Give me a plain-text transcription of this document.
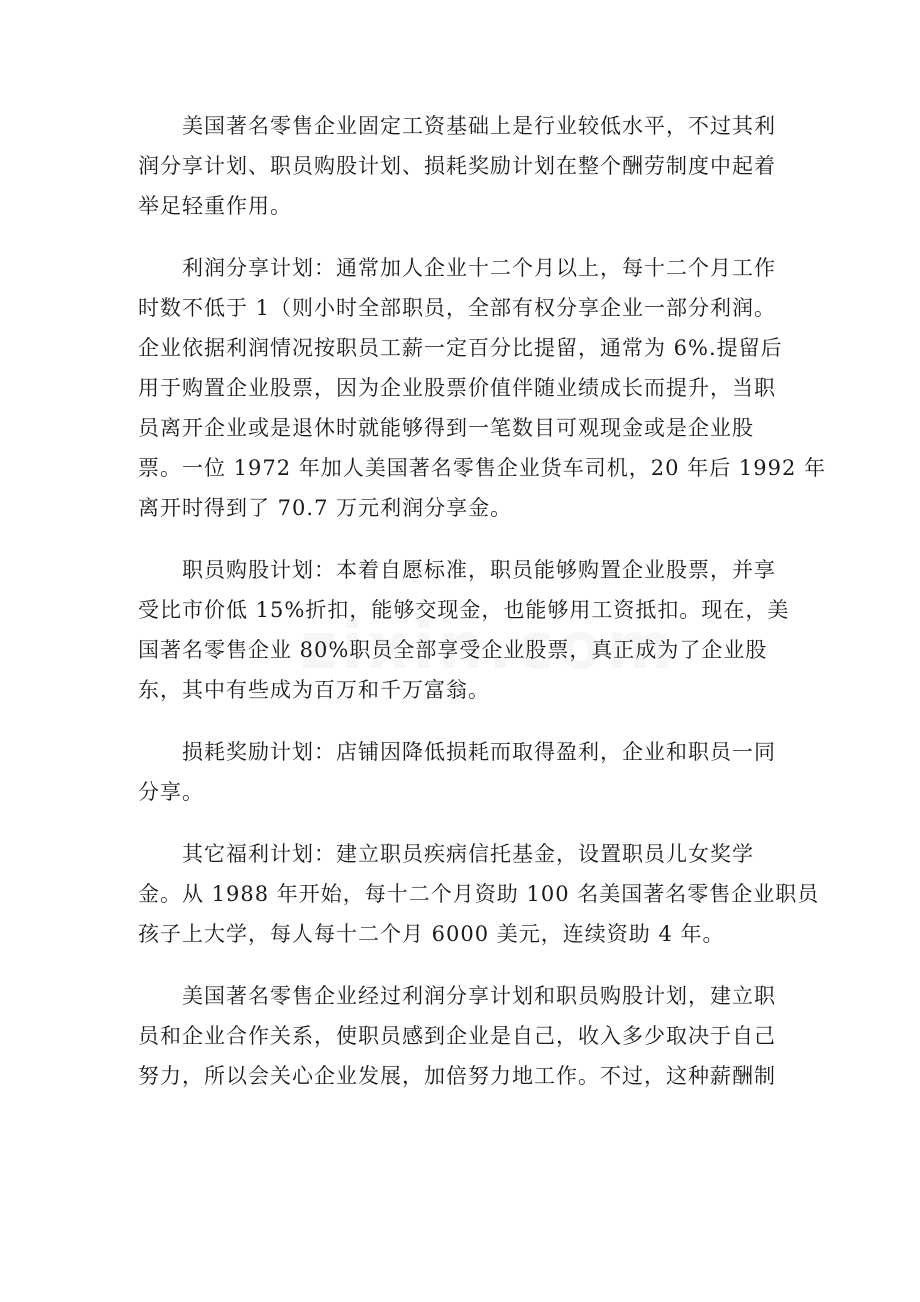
美国著名零售企业固定工资基础上是行业较低水平，不过其利
润分享计划、职员购股计划、损耗奖励计划在整个酬劳制度中起着
举足轻重作用。

利润分享计划：通常加人企业十二个月以上，每十二个月工作
时数不低于 1（则小时全部职员，全部有权分享企业一部分利润。
企业依据利润情况按职员工薪一定百分比提留，通常为 6%.提留后
用于购置企业股票，因为企业股票价值伴随业绩成长而提升，当职
员离开企业或是退休时就能够得到一笔数目可观现金或是企业股
票。一位 1972 年加人美国著名零售企业货车司机，20 年后 1992 年
离开时得到了 70.7 万元利润分享金。

职员购股计划：本着自愿标准，职员能够购置企业股票，并享
受比市价低 15%折扣，能够交现金，也能够用工资抵扣。现在，美
国著名零售企业 80%职员全部享受企业股票，真正成为了企业股
东，其中有些成为百万和千万富翁。

损耗奖励计划：店铺因降低损耗而取得盈利，企业和职员一同
分享。

其它福利计划：建立职员疾病信托基金，设置职员儿女奖学
金。从 1988 年开始，每十二个月资助 100 名美国著名零售企业职员
孩子上大学，每人每十二个月 6000 美元，连续资助 4 年。

美国著名零售企业经过利润分享计划和职员购股计划，建立职
员和企业合作关系，使职员感到企业是自己，收入多少取决于自己
努力，所以会关心企业发展，加倍努力地工作。不过，这种薪酬制
